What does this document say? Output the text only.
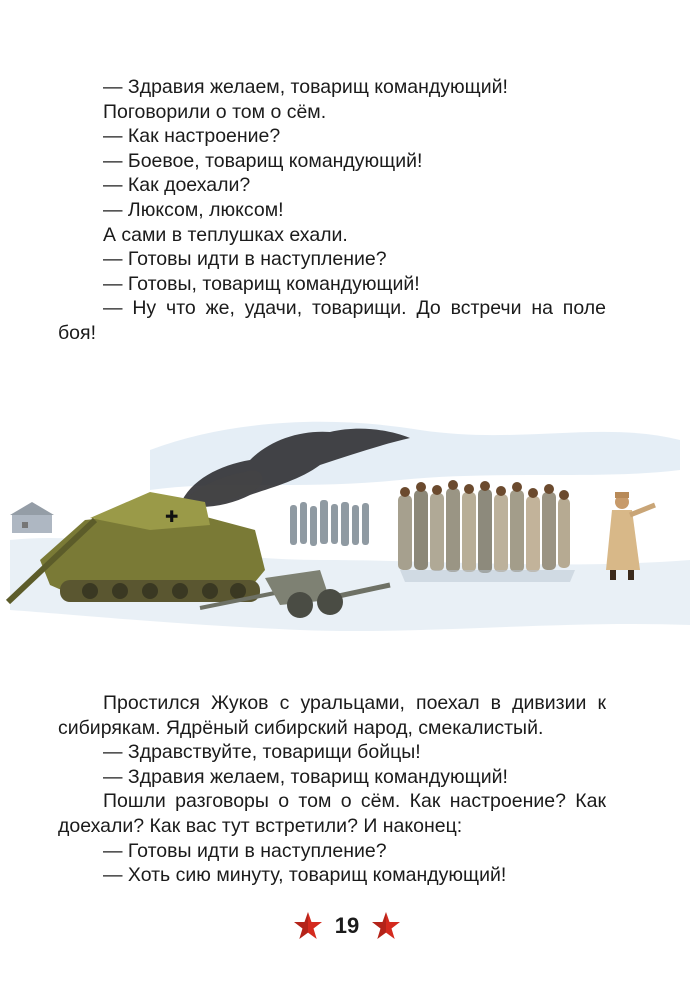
— Здравия желаем, товарищ командующий!

Поговорили о том о сём.

— Как настроение?

— Боевое, товарищ командующий!

— Как доехали?

— Люксом, люксом!

А сами в теплушках ехали.

— Готовы идти в наступление?

— Готовы, товарищ командующий!

— Ну что же, удачи, товарищи. До встречи на поле боя!

✚

Простился Жуков с уральцами, поехал в дивизии к сибирякам. Ядрёный сибирский народ, смекалистый.

— Здравствуйте, товарищи бойцы!

— Здравия желаем, товарищ командующий!

Пошли разговоры о том о сём. Как настроение? Как доехали? Как вас тут встретили? И наконец:

— Готовы идти в наступление?

— Хоть сию минуту, товарищ командующий!

19
